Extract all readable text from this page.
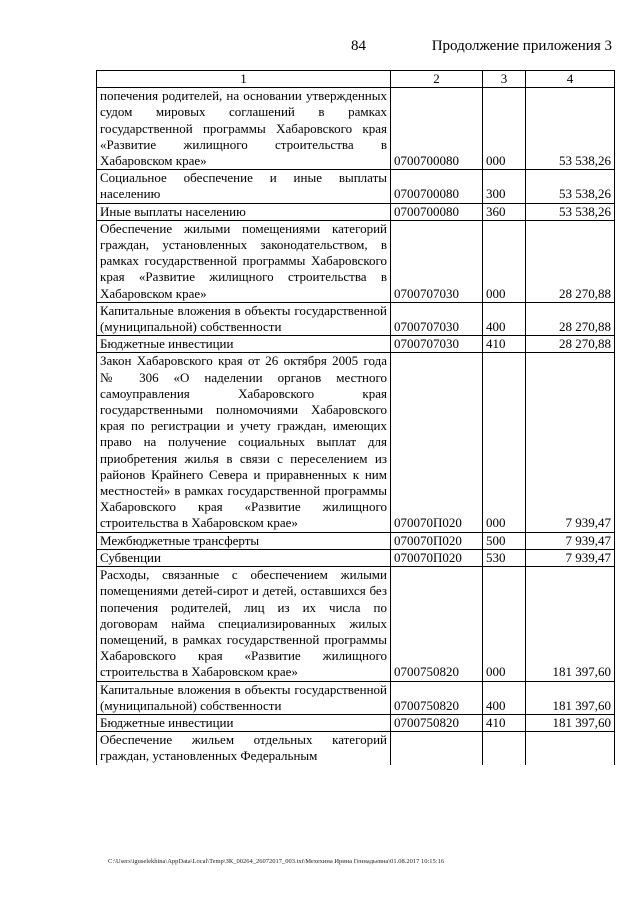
84	Продолжение приложения 3
1	2	3	4
попечения родителей, на основании утвержденных судом мировых соглашений в рамках государственной программы Хабаровского края «Развитие жилищного строительства в Хабаровском крае»	0700700080	000	53 538,26
Социальное обеспечение и иные выплаты населению	0700700080	300	53 538,26
Иные выплаты населению	0700700080	360	53 538,26
Обеспечение жилыми помещениями категорий граждан, установленных законодательством, в рамках государственной программы Хабаровского края «Развитие жилищного строительства в Хабаровском крае»	0700707030	000	28 270,88
Капитальные вложения в объекты государственной (муниципальной) собственности	0700707030	400	28 270,88
Бюджетные инвестиции	0700707030	410	28 270,88
Закон Хабаровского края от 26 октября 2005 года № 306 «О наделении органов местного самоуправления Хабаровского края государственными полномочиями Хабаровского края по регистрации и учету граждан, имеющих право на получение социальных выплат для приобретения жилья в связи с переселением из районов Крайнего Севера и приравненных к ним местностей» в рамках государственной программы Хабаровского края «Развитие жилищного строительства в Хабаровском крае»	070070П020	000	7 939,47
Межбюджетные трансферты	070070П020	500	7 939,47
Субвенции	070070П020	530	7 939,47
Расходы, связанные с обеспечением жилыми помещениями детей-сирот и детей, оставшихся без попечения родителей, лиц из их числа по договорам найма специализированных жилых помещений, в рамках государственной программы Хабаровского края «Развитие жилищного строительства в Хабаровском крае»	0700750820	000	181 397,60
Капитальные вложения в объекты государственной (муниципальной) собственности	0700750820	400	181 397,60
Бюджетные инвестиции	0700750820	410	181 397,60
Обеспечение жильем отдельных категорий граждан, установленных Федеральным			
C:\Users\iguselekhina\AppData\Local\Temp\ЗК_00264_26072017_003.txt\Мехехина Ирина Геннадьевна\01.08.2017 10:15:16
